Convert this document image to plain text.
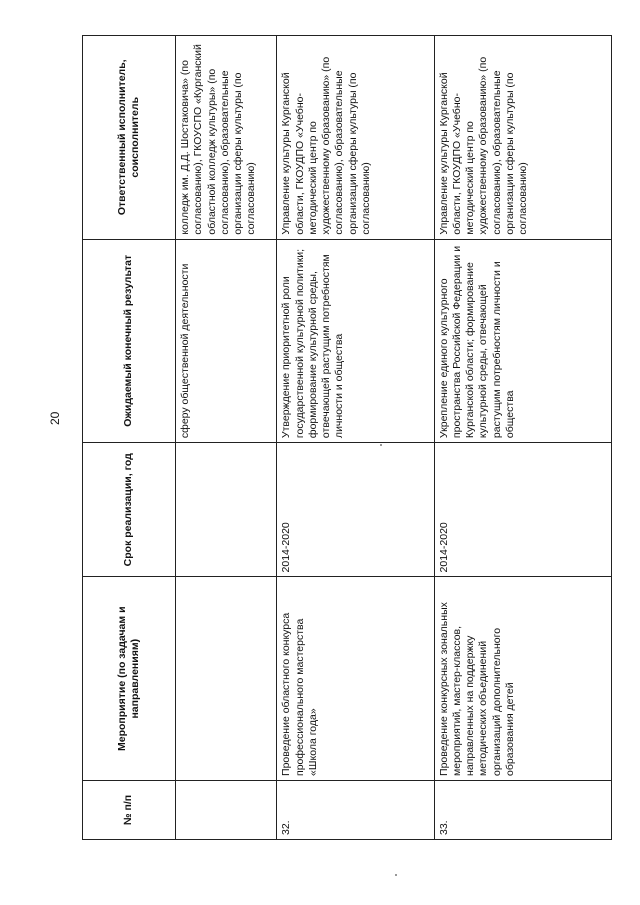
20
№ п/п	Мероприятие (по задачам и направлениям)	Срок реализации, год	Ожидаемый конечный результат	Ответственный исполнитель, соисполнитель
			сферу общественной деятельности	колледж им. Д.Д. Шостаковича» (по согласованию), ГКОУСПО «Курганский областной колледж культуры» (по согласованию), образовательные организации сферы культуры (по согласованию)
32.	Проведение областного конкурса профессионального мастерства «Школа года»	2014-2020	Утверждение приоритетной роли государственной культурной политики; формирование культурной среды, отвечающей растущим потребностям личности и общества	Управление культуры Курганской области, ГКОУДПО «Учебно-методический центр по художественному образованию» (по согласованию), образовательные организации сферы культуры (по согласованию)
33.	Проведение конкурсных зональных мероприятий, мастер-классов, направленных на поддержку методических объединений организаций дополнительного образования детей	2014-2020	Укрепление единого культурного пространства Российской Федерации и Курганской области; формирование культурной среды, отвечающей растущим потребностям личности и общества	Управление культуры Курганской области, ГКОУДПО «Учебно-методический центр по художественному образованию» (по согласованию), образовательные организации сферы культуры (по согласованию)
